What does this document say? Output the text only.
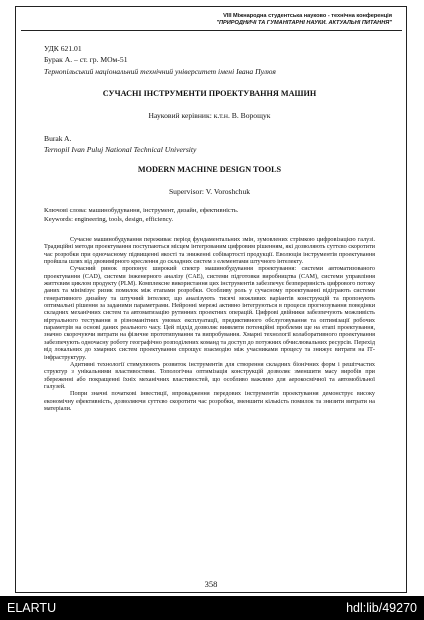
VIII Міжнародна студентська науково - технічна конференція
"ПРИРОДНИЧІ ТА ГУМАНІТАРНІ НАУКИ. АКТУАЛЬНІ ПИТАННЯ"
УДК 621.01
Бурак А. – ст. гр. МОм-51
Тернопільський національний технічний університет імені Івана Пулюя
СУЧАСНІ ІНСТРУМЕНТИ ПРОЕКТУВАННЯ МАШИН
Науковий керівник: к.т.н. В. Ворощук
Burak A.
Ternopil Ivan Puluj National Technical University
MODERN MACHINE DESIGN TOOLS
Supervisor: V. Voroshchuk
Ключові слова: машинобудування, інструмент, дизайн, ефективність.
Keywords: engineering, tools, design, efficiency.

Сучасне машинобудування переживає період фундаментальних змін, зумовлених стрімкою цифровізацією галузі. Традиційні методи проектування поступаються місцем інтегрованим цифровим рішенням, які дозволяють суттєво скоротити час розробки при одночасному підвищенні якості та зниженні собівартості продукції. Еволюція інструментів проектування пройшла шлях від двовимірного креслення до складних систем з елементами штучного інтелекту.

Сучасний ринок пропонує широкий спектр машинобудування проектування: системи автоматизованого проектування (CAD), системи інженерного аналізу (CAE), системи підготовки виробництва (CAM), системи управління життєвим циклом продукту (PLM). Комплексне використання цих інструментів забезпечує безперервність цифрового потоку даних та мінімізує ризик помилок між етапами розробки. Особливу роль у сучасному проектуванні відіграють системи генеративного дизайну та штучний інтелект, що аналізують тисячі можливих варіантів конструкцій та пропонують оптимальні рішення за заданими параметрами. Нейронні мережі активно інтегруються в процеси прогнозування поведінки складних механічних систем та автоматизацію рутинних проектних операцій. Цифрові двійники забезпечують можливість віртуального тестування в різноманітних умовах експлуатації, предиктивного обслуговування та оптимізації робочих параметрів на основі даних реального часу. Цей підхід дозволяє виявляти потенційні проблеми ще на етапі проектування, значно скорочуючи витрати на фізичне прототипування та випробування. Хмарні технології колаборативного проектування забезпечують одночасну роботу географічно розподілених команд та доступ до потужних обчислювальних ресурсів. Перехід від локальних до хмарних систем проектування спрощує взаємодію між учасниками процесу та знижує витрати на ІТ-інфраструктуру.

Адитивні технології стимулюють розвиток інструментів для створення складних біонічних форм і решітчастих структур з унікальними властивостями. Топологічна оптимізація конструкцій дозволяє зменшити масу виробів при збереженні або покращенні їхніх механічних властивостей, що особливо важливо для аерокосмічної та автомобільної галузей.

Попри значні початкові інвестиції, впровадження передових інструментів проектування демонструє високу економічну ефективність, дозволяючи суттєво скоротити час розробки, зменшити кількість помилок та знизити витрати на матеріали.

358
ELARTU	hdl:lib/49270
